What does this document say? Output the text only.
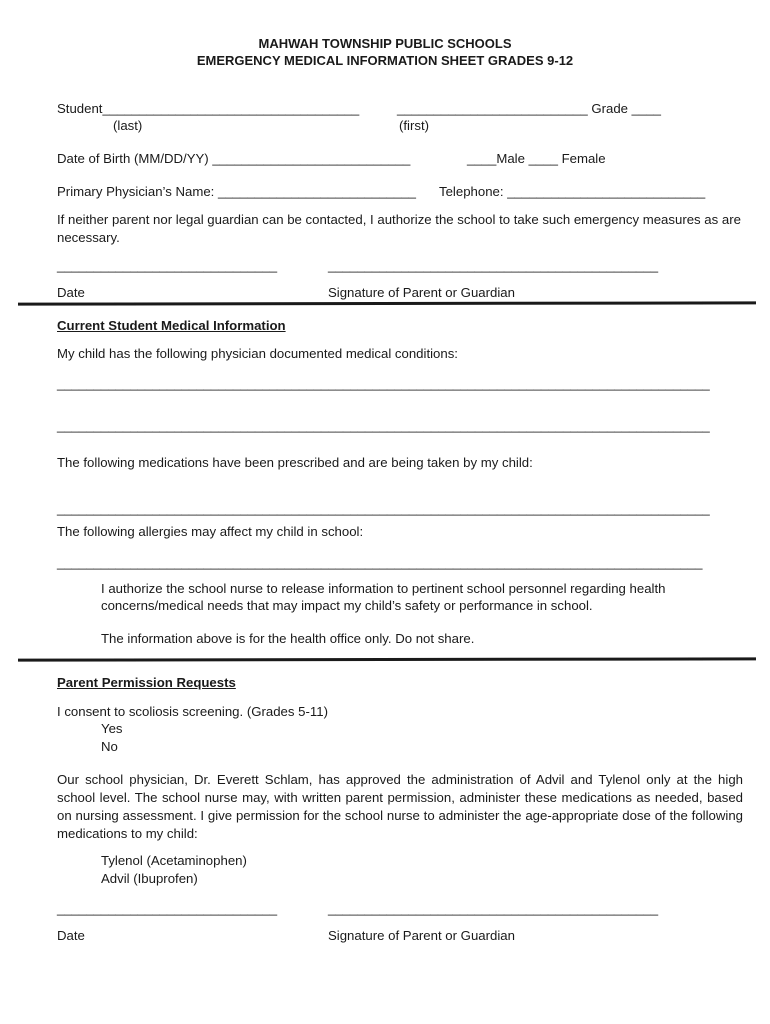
MAHWAH TOWNSHIP PUBLIC SCHOOLS
EMERGENCY MEDICAL INFORMATION SHEET GRADES 9-12
Student___________________________________	__________________________ Grade ____
(last)	(first)
Date of Birth (MM/DD/YY) ___________________________	____Male ____ Female
Primary Physician’s Name: ___________________________ Telephone: ___________________________
If neither parent nor legal guardian can be contacted, I authorize the school to take such emergency measures as are necessary.
______________________________	_____________________________________________
Date	Signature of Parent or Guardian
Current Student Medical Information
My child has the following physician documented medical conditions:
_________________________________________________________________________________________
_________________________________________________________________________________________
The following medications have been prescribed and are being taken by my child:
_________________________________________________________________________________________
The following allergies may affect my child in school:
________________________________________________________________________________________
I authorize the school nurse to release information to pertinent school personnel regarding health concerns/medical needs that may impact my child’s safety or performance in school.
The information above is for the health office only. Do not share.
Parent Permission Requests
I consent to scoliosis screening. (Grades 5-11)
Yes
No
Our school physician, Dr. Everett Schlam, has approved the administration of Advil and Tylenol only at the high school level. The school nurse may, with written parent permission, administer these medications as needed, based on nursing assessment. I give permission for the school nurse to administer the age-appropriate dose of the following medications to my child:
Tylenol (Acetaminophen)
Advil (Ibuprofen)
______________________________	_____________________________________________
Date	Signature of Parent or Guardian
